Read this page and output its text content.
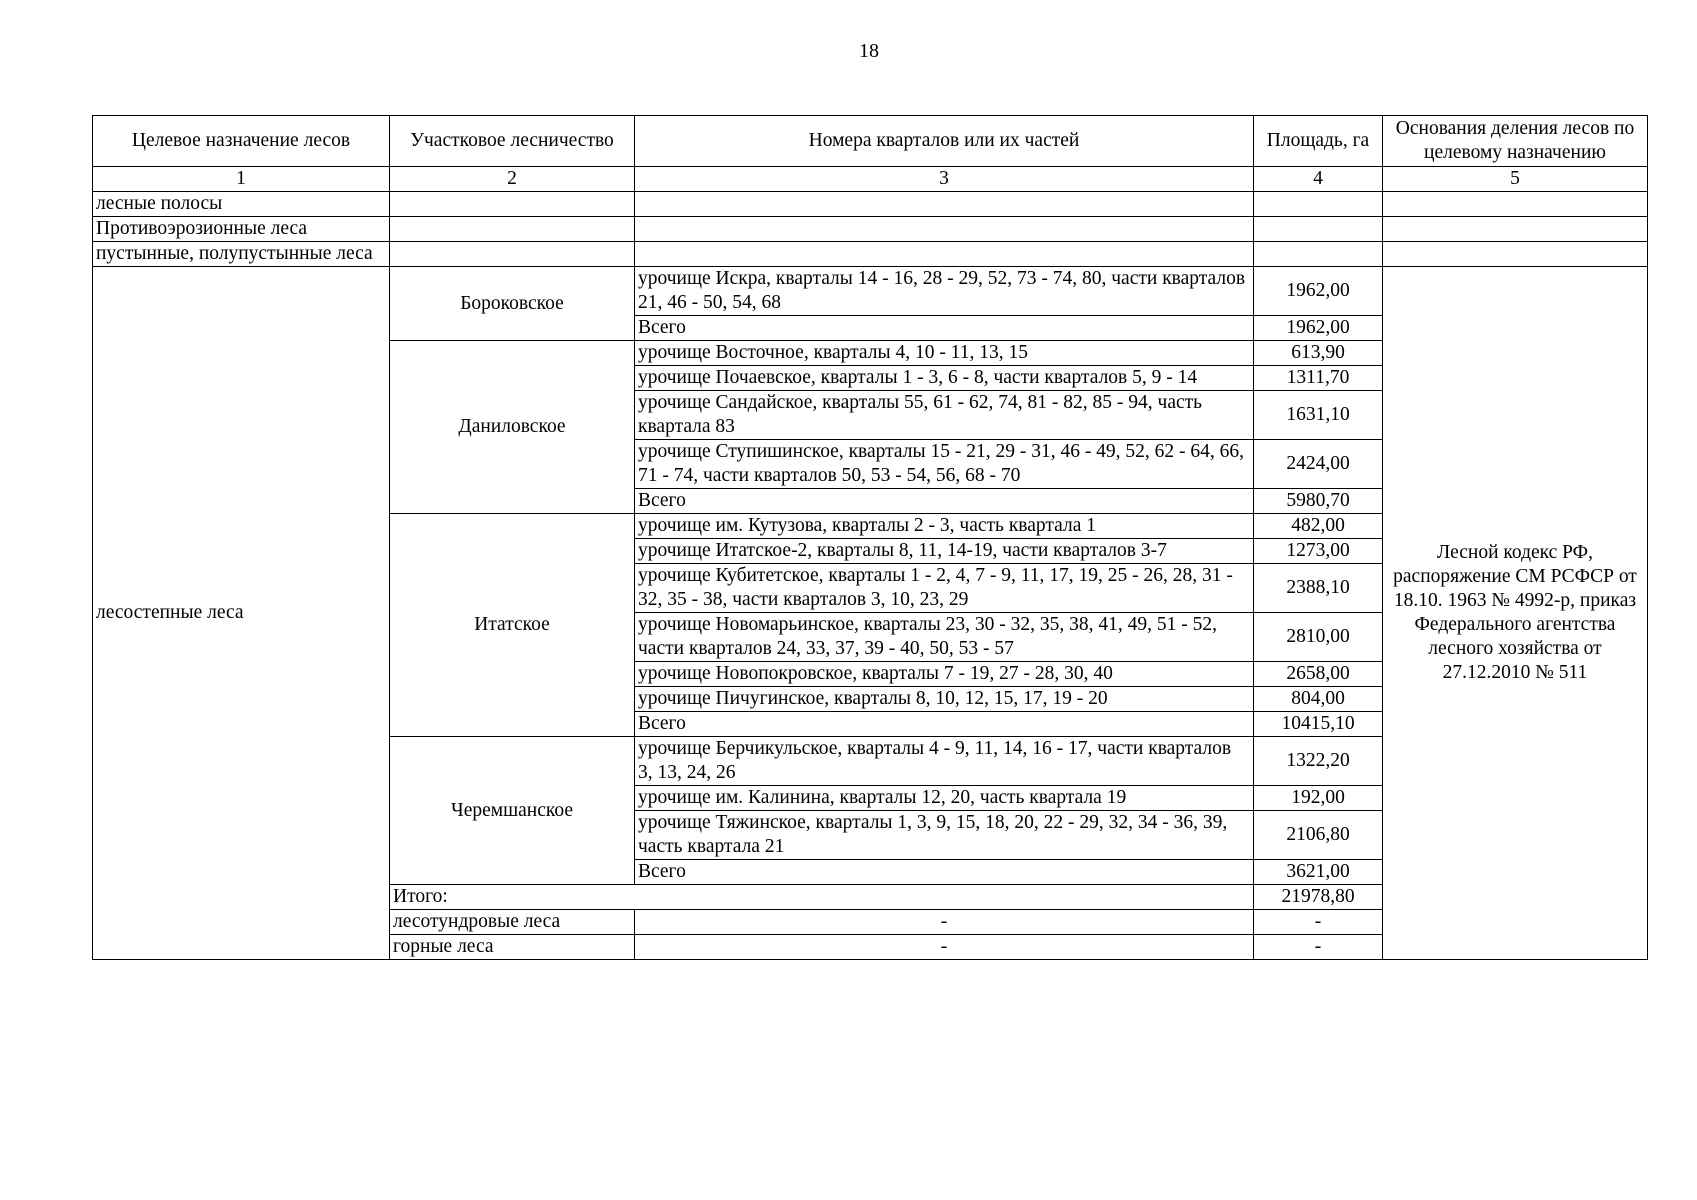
18
Целевое назначение лесов	Участковое лесничество	Номера кварталов или их частей	Площадь, га	Основания деления лесов по целевому назначению	
1	2	3	4	5	
лесные полосы					
Противоэрозионные леса					
пустынные, полупустынные леса					
лесостепные леса	Бороковское	урочище Искра, кварталы 14 - 16, 28 - 29, 52, 73 - 74, 80, части кварталов 21, 46 - 50, 54, 68	1962,00	Лесной кодекс РФ, распоряжение СМ РСФСР от 18.10. 1963 № 4992-р, приказ Федерального агентства лесного хозяйства от 27.12.2010 № 511	
		Всего	1962,00		
	Даниловское	урочище Восточное, кварталы 4, 10 - 11, 13, 15	613,90		
		урочище Почаевское, кварталы 1 - 3, 6 - 8, части кварталов 5, 9 - 14	1311,70		
		урочище Сандайское, кварталы 55, 61 - 62, 74, 81 - 82, 85 - 94, часть квартала 83	1631,10		
		урочище Ступишинское, кварталы 15 - 21, 29 - 31, 46 - 49, 52, 62 - 64, 66, 71 - 74, части кварталов 50, 53 - 54, 56, 68 - 70	2424,00		
		Всего	5980,70		
	Итатское	урочище им. Кутузова, кварталы 2 - 3, часть квартала 1	482,00		
		урочище Итатское-2, кварталы 8, 11, 14-19, части кварталов 3-7	1273,00		
		урочище Кубитетское, кварталы 1 - 2, 4, 7 - 9, 11, 17, 19, 25 - 26, 28, 31 - 32, 35 - 38, части кварталов 3, 10, 23, 29	2388,10		
		урочище Новомарьинское, кварталы 23, 30 - 32, 35, 38, 41, 49, 51 - 52, части кварталов 24, 33, 37, 39 - 40, 50, 53 - 57	2810,00		
		урочище Новопокровское, кварталы 7 - 19, 27 - 28, 30, 40	2658,00		
		урочище Пичугинское, кварталы 8, 10, 12, 15, 17, 19 - 20	804,00		
		Всего	10415,10		
	Черемшанское	урочище Берчикульское, кварталы 4 - 9, 11, 14, 16 - 17, части кварталов 3, 13, 24, 26	1322,20		
		урочище им. Калинина, кварталы 12, 20, часть квартала 19	192,00		
		урочище Тяжинское, кварталы 1, 3, 9, 15, 18, 20, 22 - 29, 32, 34 - 36, 39, часть квартала 21	2106,80		
		Всего	3621,00		
	Итого:		21978,80		
	лесотундровые леса	-	-		
	горные леса	-	-		
